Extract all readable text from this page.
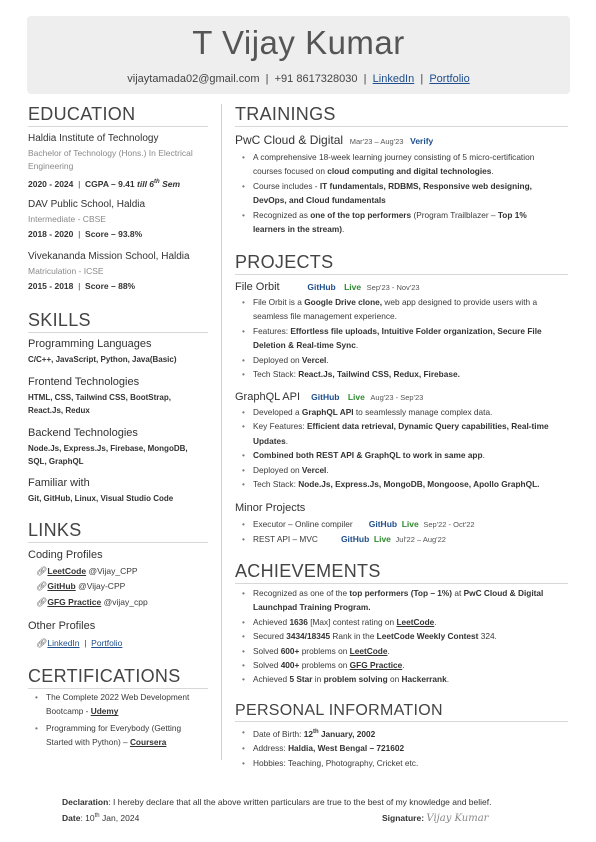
T Vijay Kumar
vijaytamada02@gmail.com | +91 8617328030 | LinkedIn | Portfolio
EDUCATION
Haldia Institute of Technology
Bachelor of Technology (Hons.) In Electrical
Engineering
2020 - 2024  |  CGPA – 9.41 till 6th Sem
DAV Public School, Haldia
Intermediate - CBSE
2018 - 2020  |  Score – 93.8%
Vivekananda Mission School, Haldia
Matriculation - ICSE
2015 - 2018  |  Score – 88%
SKILLS
Programming Languages
C/C++, JavaScript, Python, Java(Basic)
Frontend Technologies
HTML, CSS, Tailwind CSS, BootStrap,
React.Js, Redux
Backend Technologies
Node.Js, Express.Js, Firebase, MongoDB,
SQL, GraphQL
Familiar with
Git, GitHub, Linux, Visual Studio Code
LINKS
Coding Profiles
🔗︎ LeetCode @Vijay_CPP
🔗︎ GitHub @Vijay-CPP
🔗︎ GFG Practice @vijay_cpp
Other Profiles
🔗︎ LinkedIn  |  Portfolio
CERTIFICATIONS
• The Complete 2022 Web Development
Bootcamp - Udemy
• Programming for Everybody (Getting
Started with Python) – Coursera
TRAININGS
PwC Cloud & Digital Mar'23 – Aug'23 Verify
• A comprehensive 18-week learning journey consisting of 5 micro-certification
courses focused on cloud computing and digital technologies.
• Course includes - IT fundamentals, RDBMS, Responsive web designing,
DevOps, and Cloud fundamentals
• Recognized as one of the top performers (Program Trailblazer – Top 1%
learners in the stream).
PROJECTS
File Orbit	GitHub Live Sep'23 - Nov'23
• File Orbit is a Google Drive clone, web app designed to provide users with a
seamless file management experience.
• Features: Effortless file uploads, Intuitive Folder organization, Secure File
Deletion & Real-time Sync.
• Deployed on Vercel.
• Tech Stack: React.Js, Tailwind CSS, Redux, Firebase.
GraphQL API GitHub Live Aug'23 - Sep'23
• Developed a GraphQL API to seamlessly manage complex data.
• Key Features: Efficient data retrieval, Dynamic Query capabilities, Real-time
Updates.
• Combined both REST API & GraphQL to work in same app.
• Deployed on Vercel.
• Tech Stack: Node.Js, Express.Js, MongoDB, Mongoose, Apollo GraphQL.
Minor Projects
• Executor – Online compiler GitHub Live Sep'22 - Oct'22
• REST API – MVC	GitHub Live Jul'22 – Aug'22
ACHIEVEMENTS
• Recognized as one of the top performers (Top – 1%) at PwC Cloud & Digital
Launchpad Training Program.
• Achieved 1636 [Max] contest rating on LeetCode.
• Secured 3434/18345 Rank in the LeetCode Weekly Contest 324.
• Solved 600+ problems on LeetCode.
• Solved 400+ problems on GFG Practice.
• Achieved 5 Star in problem solving on Hackerrank.
PERSONAL INFORMATION
• Date of Birth: 12th January, 2002
• Address: Haldia, West Bengal – 721602
• Hobbies: Teaching, Photography, Cricket etc.
Declaration: I hereby declare that all the above written particulars are true to the best of my knowledge and belief.
Date: 10th Jan, 2024	Signature: Vijay Kumar
